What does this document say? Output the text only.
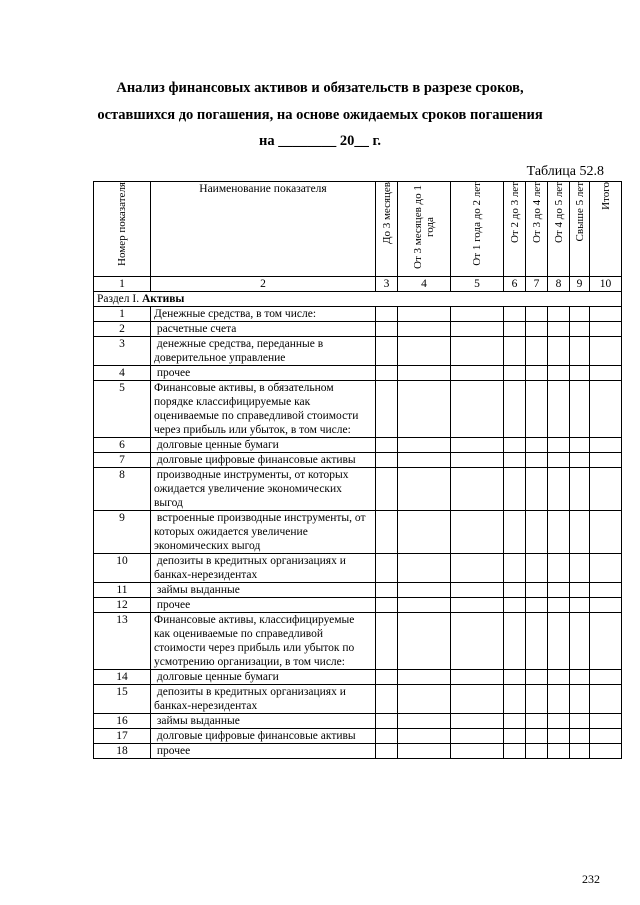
Анализ финансовых активов и обязательств в разрезе сроков,
оставшихся до погашения, на основе ожидаемых сроков погашения
на ________ 20__ г.
Таблица 52.8
Номер показателя	Наименование показателя	До 3 месяцев	От 3 месяцев до 1 года	От 1 года до 2 лет	От 2 до 3 лет	От 3 до 4 лет	От 4 до 5 лет	Свыше 5 лет	Итого
1	2	3	4	5	6	7	8	9	10
Раздел I. Активы									
1	Денежные средства, в том числе:								
2	расчетные счета								
3	денежные средства, переданные в доверительное управление								
4	прочее								
5	Финансовые активы, в обязательном порядке классифицируемые как оцениваемые по справедливой стоимости через прибыль или убыток, в том числе:								
6	долговые ценные бумаги								
7	долговые цифровые финансовые активы								
8	производные инструменты, от которых ожидается увеличение экономических выгод								
9	встроенные производные инструменты, от которых ожидается увеличение экономических выгод								
10	депозиты в кредитных организациях и банках-нерезидентах								
11	займы выданные								
12	прочее								
13	Финансовые активы, классифицируемые как оцениваемые по справедливой стоимости через прибыль или убыток по усмотрению организации, в том числе:								
14	долговые ценные бумаги								
15	депозиты в кредитных организациях и банках-нерезидентах								
16	займы выданные								
17	долговые цифровые финансовые активы								
18	прочее								
232
